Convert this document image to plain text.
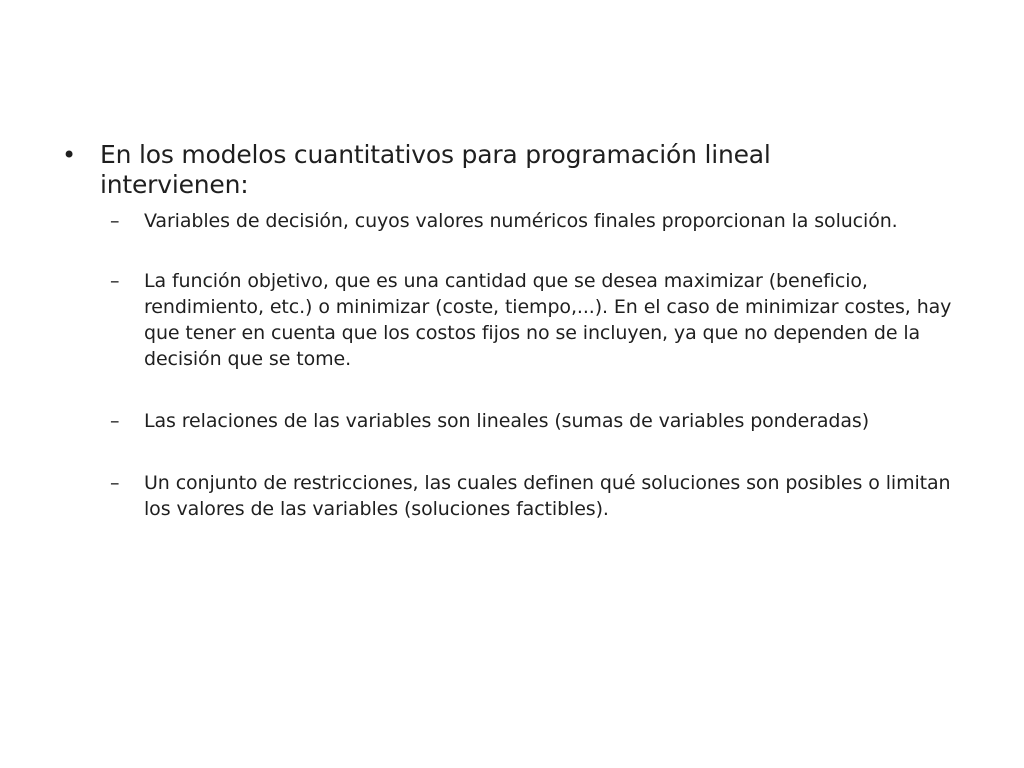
• En los modelos cuantitativos para programación lineal intervienen:
–	Variables de decisión, cuyos valores numéricos finales proporcionan la solución.
–	La función objetivo, que es una cantidad que se desea maximizar (beneficio, rendimiento, etc.) o minimizar (coste, tiempo,...). En el caso de minimizar costes, hay que tener en cuenta que los costos fijos no se incluyen, ya que no dependen de la decisión que se tome.
–	Las relaciones de las variables son lineales (sumas de variables ponderadas)
–	Un conjunto de restricciones, las cuales definen qué soluciones son posibles o limitan los valores de las variables (soluciones factibles).
